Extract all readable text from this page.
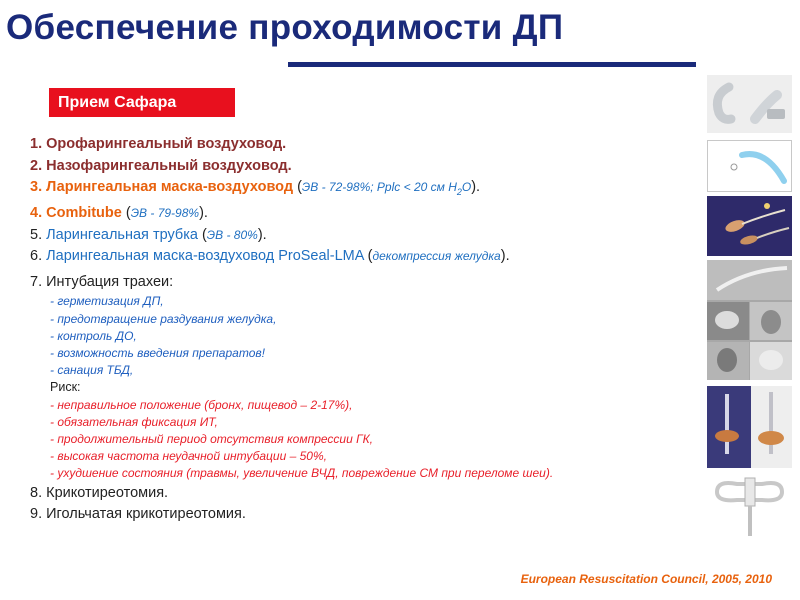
Обеспечение проходимости ДП
Прием Сафара
1. Орофарингеальный воздуховод.
2. Назофарингеальный воздуховод.
3. Ларингеальная маска-воздуховод (ЭВ - 72-98%; Pplc < 20 см $H_2O$).
4. Combitube (ЭВ - 79-98%).
5. Ларингеальная трубка (ЭВ - 80%).
6. Ларингеальная маска-воздуховод ProSeal-LMA (декомпрессия желудка).
7. Интубация трахеи:
- герметизация ДП,
- предотвращение раздувания желудка,
- контроль ДО,
- возможность введения препаратов!
- санация ТБД,
Риск:
- неправильное положение (бронх, пищевод – 2-17%),
- обязательная фиксация ИТ,
- продолжительный период отсутствия компрессии ГК,
- высокая частота неудачной интубации – 50%,
- ухудшение состояния (травмы, увеличение ВЧД, повреждение СМ при переломе шеи).
8. Крикотиреотомия.
9. Игольчатая крикотиреотомия.
European Resuscitation Council, 2005, 2010
